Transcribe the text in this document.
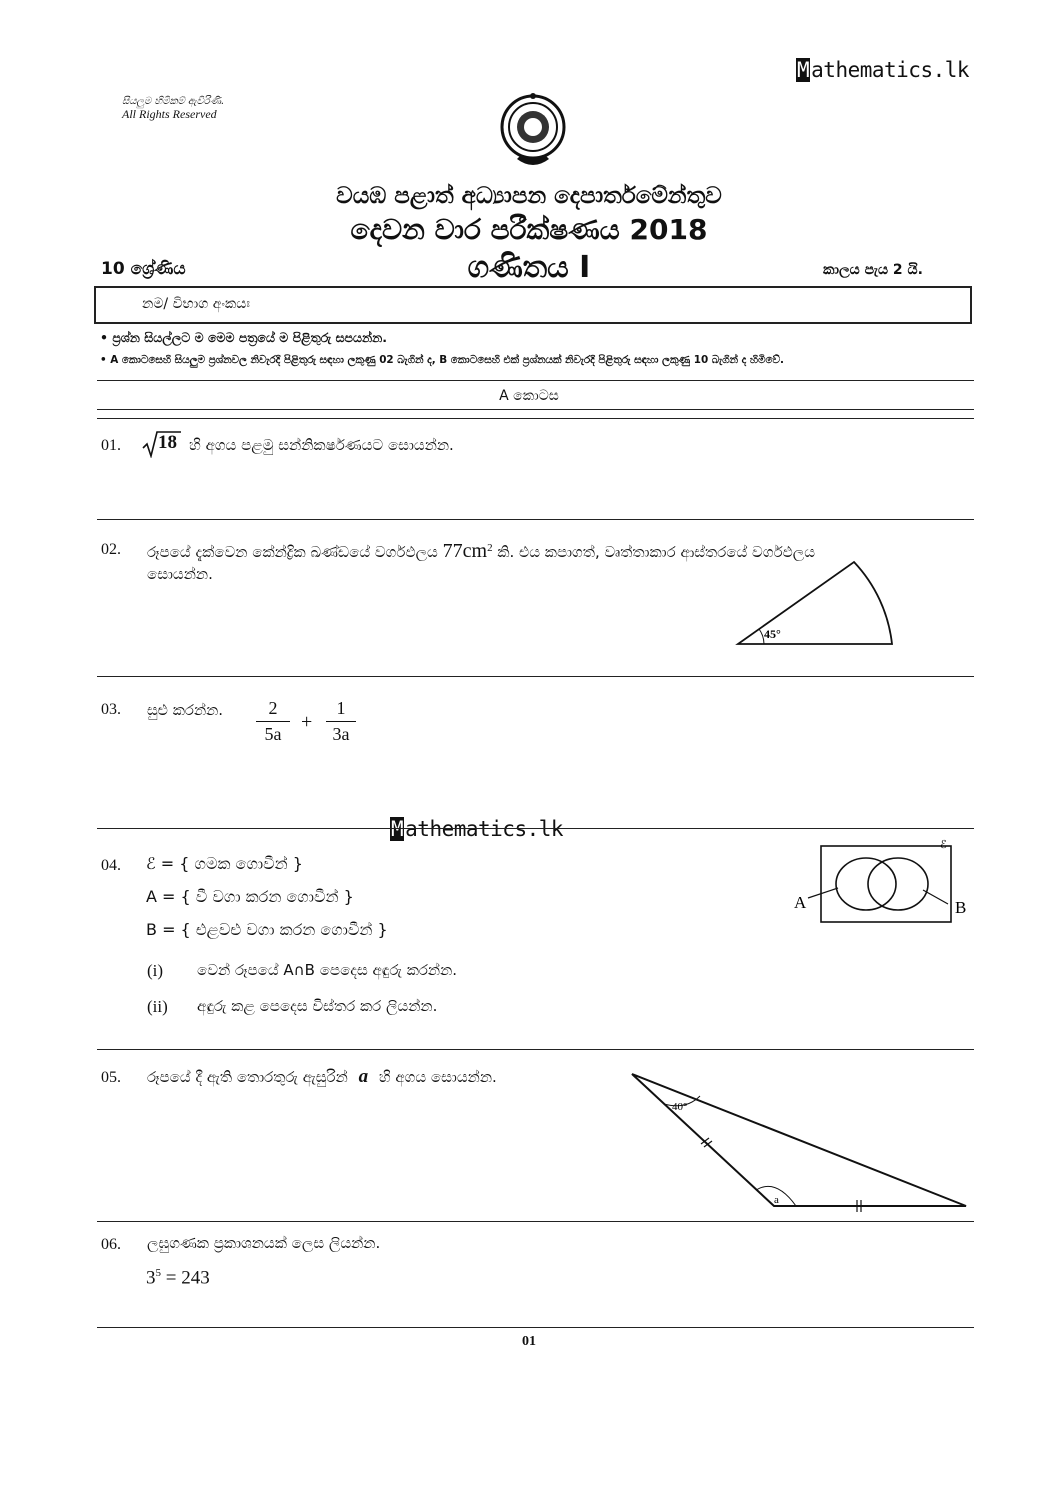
Mathematics.lk
සියලුම හිමිකම් ඇවිරිණි.
All Rights Reserved
වයඹ පළාත් අධ්‍යාපන දෙපාර්තමේන්තුව
දෙවන වාර පරීක්ෂණය 2018
10 ශ්‍රේණිය	ගණිතය I	කාලය පැය 2 යි.
නම/ විභාග අංකයඃ
• ප්‍රශ්න සියල්ලට ම මෙම පත්‍රයේ ම පිළිතුරු සපයන්න.
• A කොටසෙහි සියලුම ප්‍රශ්නවල නිවැරදි පිළිතුරු සඳහා ලකුණු 02 බැගින් ද, B කොටසෙහි එක් ප්‍රශ්නයක් නිවැරදි පිළිතුරු සඳහා ලකුණු 10 බැගින් ද හිමිවේ.
A කොටස
01. 18 හි අගය පළමු සන්නිකර්ෂණයට සොයන්න.
02. රූපයේ දැක්වෙන කේන්ද්‍රික ඛණ්ඩයේ වර්ගඵලය $77cm^2$ කි. එය කපාගත්, වෘත්තාකාර ආස්තරයේ වර්ගඵලය
සොයන්න.
45°
03. සුළු කරන්න.	2
5a
+
1
3a
Mathematics.lk
04. ℰ = { ගමක ගොවීන් }
A = { වී වගා කරන ගොවීන් }
B = { එළවළු වගා කරන ගොවීන් }
(i) වෙන් රූපයේ A∩B පෙදෙස අඳුරු කරන්න.
(ii) අඳුරු කළ පෙදෙස විස්තර කර ලියන්න.
ℰ
A	B
05. රූපයේ දී ඇති තොරතුරු ඇසුරින් a හි අගය සොයන්න.
40°
a
06. ලඝුගණක ප්‍රකාශනයක් ලෙස ලියන්න.
$3^5 = 243$
01
